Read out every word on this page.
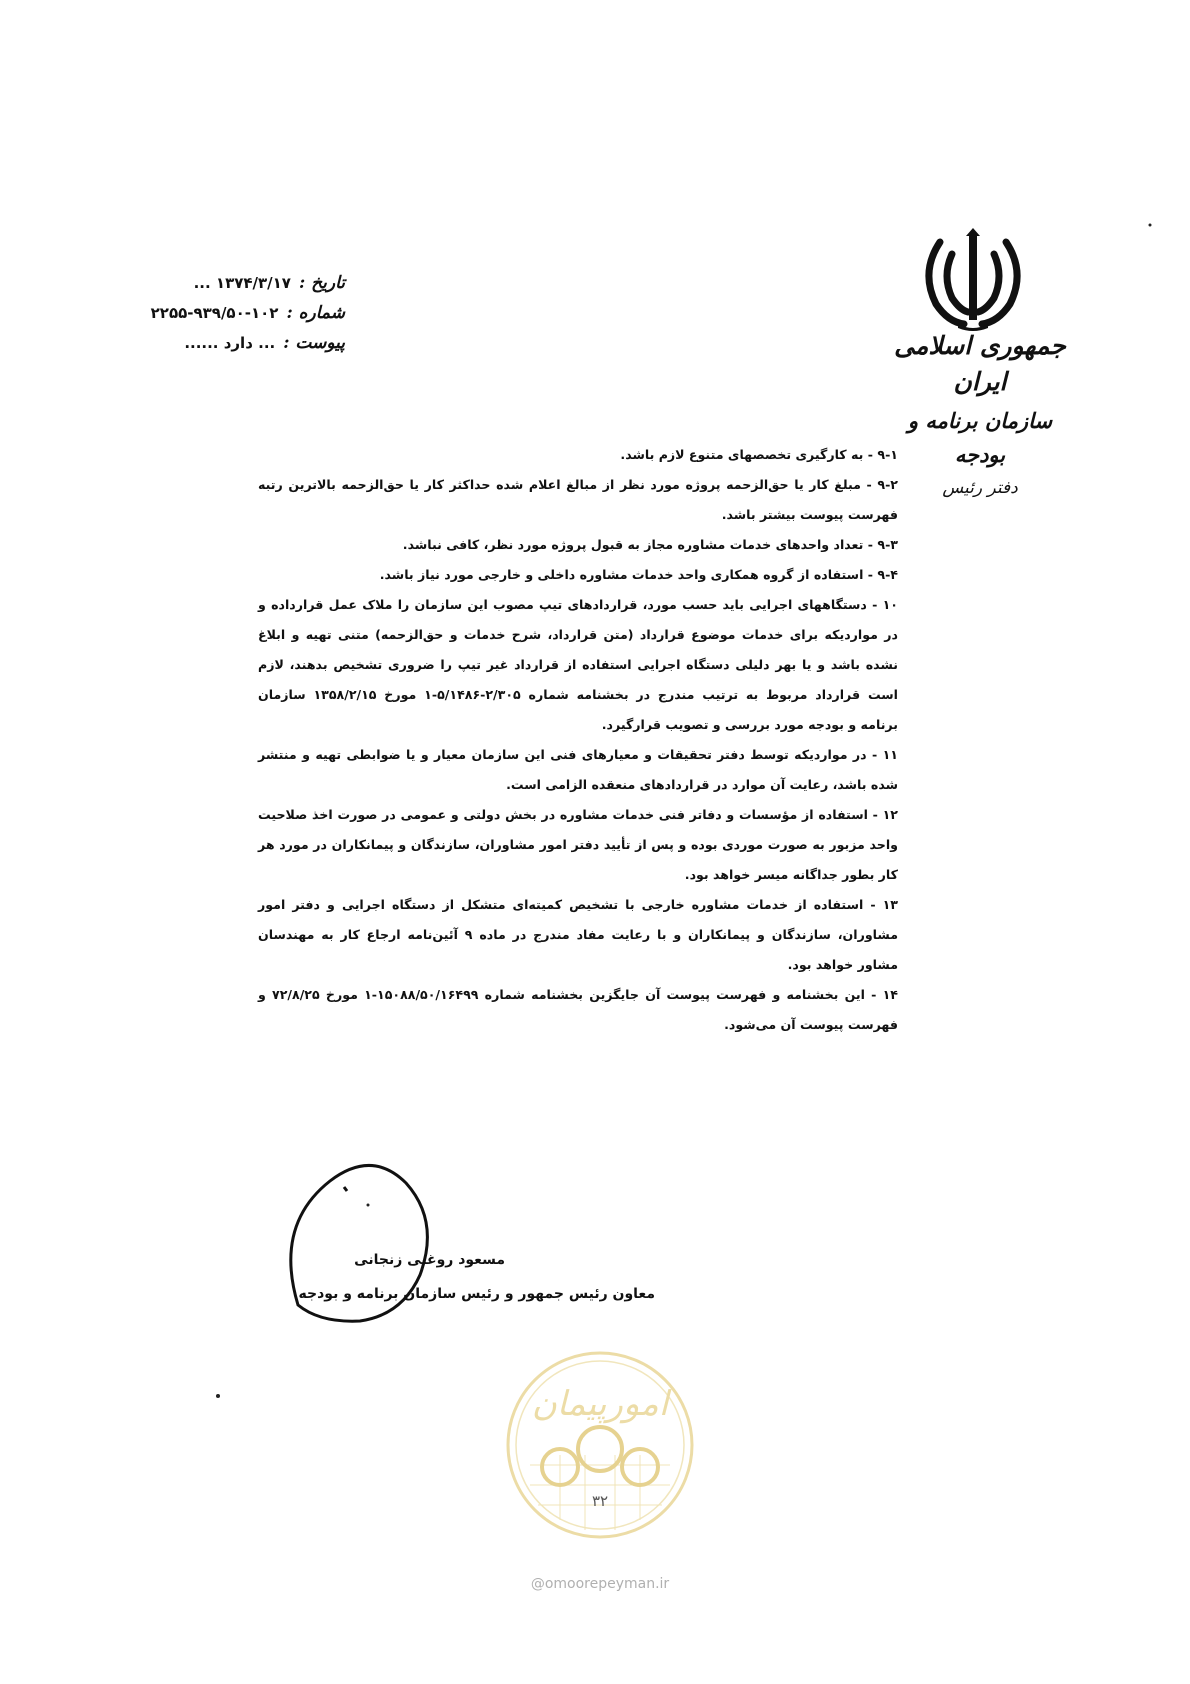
جمهوری اسلامی ایران
سازمان برنامه و بودجه
دفتر رئیس
تاریخ :
۱۳۷۴/۳/۱۷ ...
شماره :
۲۲۵۵-۹۳۹/۵۰-۱۰۲
پیوست :
... دارد ......

۹-۱ - به کارگیری تخصصهای متنوع لازم باشد.

۹-۲ - مبلغ کار یا حق‌الزحمه پروژه مورد نظر از مبالغ اعلام شده حداکثر کار یا حق‌الزحمه بالاترین رتبه فهرست پیوست بیشتر باشد.

۹-۳ - تعداد واحدهای خدمات مشاوره مجاز به قبول پروژه مورد نظر، کافی نباشد.

۹-۴ - استفاده از گروه همکاری واحد خدمات مشاوره داخلی و خارجی مورد نیاز باشد.

۱۰ - دستگاههای اجرایی باید حسب مورد، قراردادهای تیپ مصوب این سازمان را ملاک عمل قرارداده و در مواردیکه برای خدمات موضوع قرارداد (متن قرارداد، شرح خدمات و حق‌الزحمه) متنی تهیه و ابلاغ نشده باشد و یا بهر دلیلی دستگاه اجرایی استفاده از قرارداد غیر تیپ را ضروری تشخیص بدهند، لازم است قرارداد مربوط به ترتیب مندرج در بخشنامه شماره ۲/۳۰۵-۵/۱۴۸۶-۱ مورخ ۱۳۵۸/۲/۱۵ سازمان برنامه و بودجه مورد بررسی و تصویب قرارگیرد.

۱۱ - در مواردیکه توسط دفتر تحقیقات و معیارهای فنی این سازمان معیار و یا ضوابطی تهیه و منتشر شده باشد، رعایت آن موارد در قراردادهای منعقده الزامی است.

۱۲ - استفاده از مؤسسات و دفاتر فنی خدمات مشاوره در بخش دولتی و عمومی در صورت اخذ صلاحیت واحد مزبور به صورت موردی بوده و پس از تأیید دفتر امور مشاوران، سازندگان و پیمانکاران در مورد هر کار بطور جداگانه میسر خواهد بود.

۱۳ - استفاده از خدمات مشاوره خارجی با تشخیص کمیته‌ای متشکل از دستگاه اجرایی و دفتر امور مشاوران، سازندگان و پیمانکاران و با رعایت مفاد مندرج در ماده ۹ آئین‌نامه ارجاع کار به مهندسان مشاور خواهد بود.

۱۴ - این بخشنامه و فهرست پیوست آن جایگزین بخشنامه شماره ۱۵۰۸۸/۵۰/۱۶۴۹۹-۱ مورخ ۷۲/۸/۲۵ و فهرست پیوست آن می‌شود.

مسعود روغنی زنجانی
معاون رئیس جمهور و رئیس سازمان برنامه و بودجه
امورپیمان
۳۲
@omoorepeyman.ir
